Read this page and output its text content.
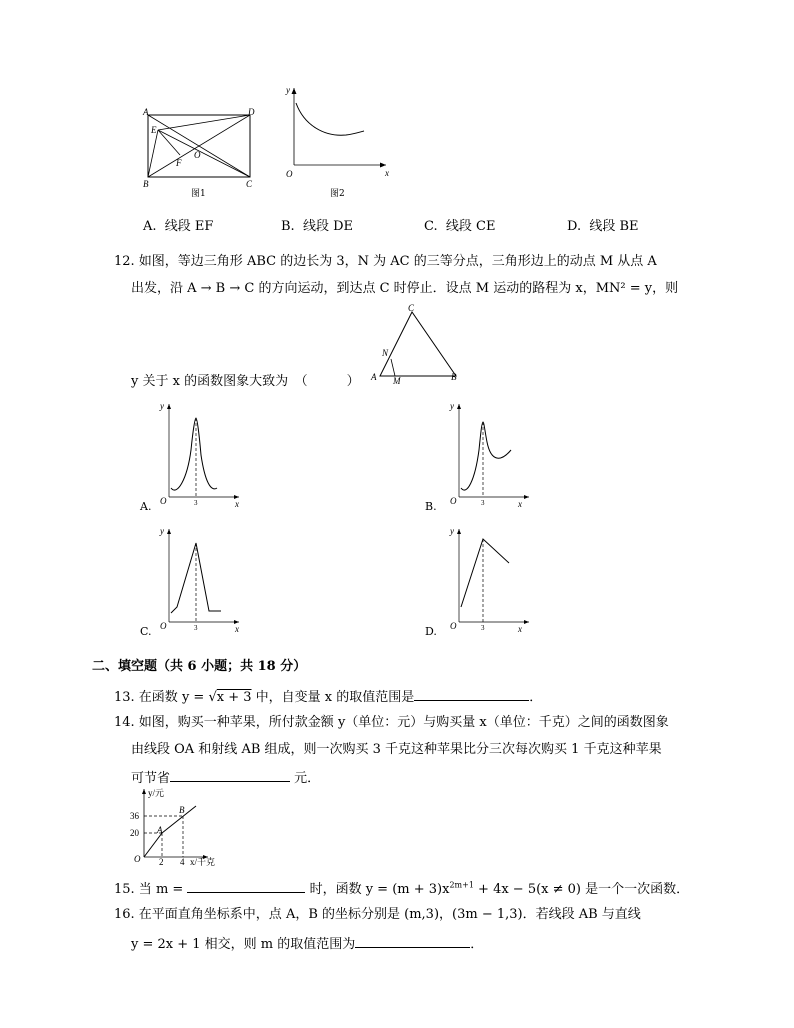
A	D
E
F
O
B	C
图1
y
x
O
图2
A. 线段 EF	B. 线段 DE	C. 线段 CE	D. 线段 BE
12. 如图，等边三角形 ABC 的边长为 3，N 为 AC 的三等分点，三角形边上的动点 M 从点 A
出发，沿 A → B → C 的方向运动，到达点 C 时停止．设点 M 运动的路程为 x，MN² = y，则
C
N
A M	B
y 关于 x 的函数图象大致为　（　　　）
y
O	3	x
A.
y
O	3	x
B.
y
O	3	x
C.
y
O	3	x
D.
二、填空题（共 6 小题；共 18 分）
13. 在函数 y = √x + 3 中，自变量 x 的取值范围是	．
14. 如图，购买一种苹果，所付款金额 y（单位：元）与购买量 x（单位：千克）之间的函数图象
由线段 OA 和射线 AB 组成，则一次购买 3 千克这种苹果比分三次每次购买 1 千克这种苹果
可节省	元．
y/元
36
20
O 2 4 x/千克
A
B
15. 当 m =	时，函数 $y = (m + 3)x^{2m+1} + 4x - 5(x \ne 0)$ 是一个一次函数．
16. 在平面直角坐标系中，点 A，B 的坐标分别是 (m,3)，(3m − 1,3)．若线段 AB 与直线
y = 2x + 1 相交，则 m 的取值范围为	．
